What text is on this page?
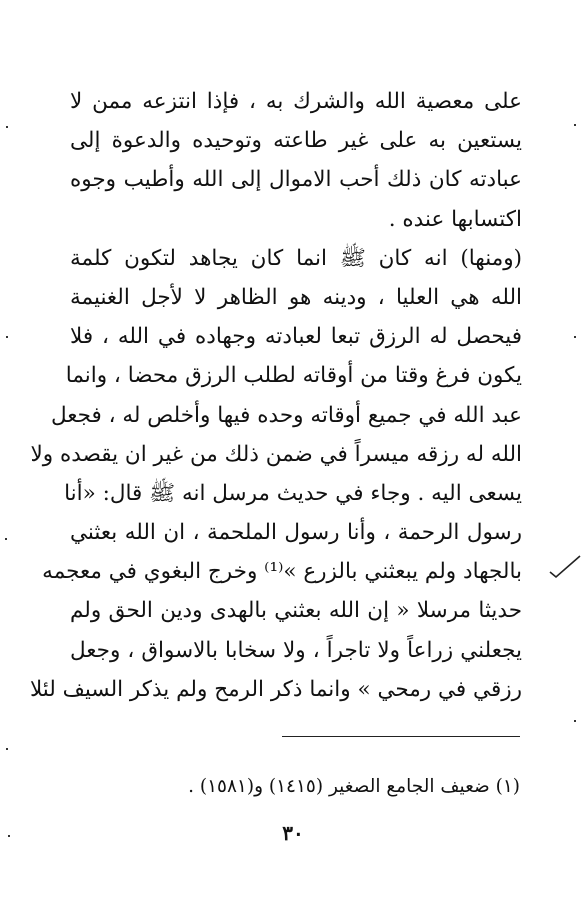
على معصية الله والشرك به ، فإذا انتزعه ممن لا
يستعين به على غير طاعته وتوحيده والدعوة إلى
عبادته كان ذلك أحب الاموال إلى الله وأطيب وجوه
اكتسابها عنده .
(ومنها) انه كان ﷺ انما كان يجاهد لتكون كلمة
الله هي العليا ، ودينه هو الظاهر لا لأجل الغنيمة
فيحصل له الرزق تبعا لعبادته وجهاده في الله ، فلا
يكون فرغ وقتا من أوقاته لطلب الرزق محضا ، وانما
عبد الله في جميع أوقاته وحده فيها وأخلص له ، فجعل
الله له رزقه ميسراً في ضمن ذلك من غير ان يقصده ولا
يسعى اليه . وجاء في حديث مرسل انه ﷺ قال: «أنا
رسول الرحمة ، وأنا رسول الملحمة ، ان الله بعثني
بالجهاد ولم يبعثني بالزرع »⁽¹⁾ وخرج البغوي في معجمه
حديثا مرسلا « إن الله بعثني بالهدى ودين الحق ولم
يجعلني زراعاً ولا تاجراً ، ولا سخابا بالاسواق ، وجعل
رزقي في رمحي » وانما ذكر الرمح ولم يذكر السيف لئلا
(١) ضعيف الجامع الصغير (١٤١٥) و(١٥٨١) .
٣٠
